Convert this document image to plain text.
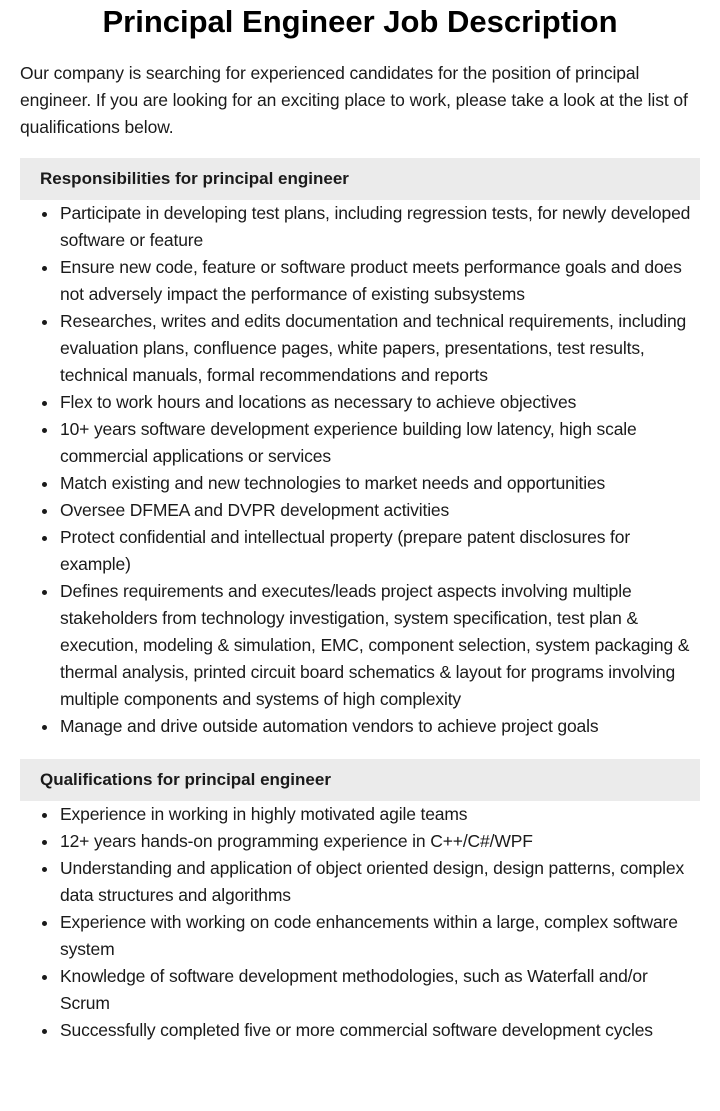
Principal Engineer Job Description

Our company is searching for experienced candidates for the position of principal engineer. If you are looking for an exciting place to work, please take a look at the list of qualifications below.

Responsibilities for principal engineer
Participate in developing test plans, including regression tests, for newly developed software or feature
Ensure new code, feature or software product meets performance goals and does not adversely impact the performance of existing subsystems
Researches, writes and edits documentation and technical requirements, including evaluation plans, confluence pages, white papers, presentations, test results, technical manuals, formal recommendations and reports
Flex to work hours and locations as necessary to achieve objectives
10+ years software development experience building low latency, high scale commercial applications or services
Match existing and new technologies to market needs and opportunities
Oversee DFMEA and DVPR development activities
Protect confidential and intellectual property (prepare patent disclosures for example)
Defines requirements and executes/leads project aspects involving multiple stakeholders from technology investigation, system specification, test plan & execution, modeling & simulation, EMC, component selection, system packaging & thermal analysis, printed circuit board schematics & layout for programs involving multiple components and systems of high complexity
Manage and drive outside automation vendors to achieve project goals
Qualifications for principal engineer
Experience in working in highly motivated agile teams
12+ years hands-on programming experience in C++/C#/WPF
Understanding and application of object oriented design, design patterns, complex data structures and algorithms
Experience with working on code enhancements within a large, complex software system
Knowledge of software development methodologies, such as Waterfall and/or Scrum
Successfully completed five or more commercial software development cycles
